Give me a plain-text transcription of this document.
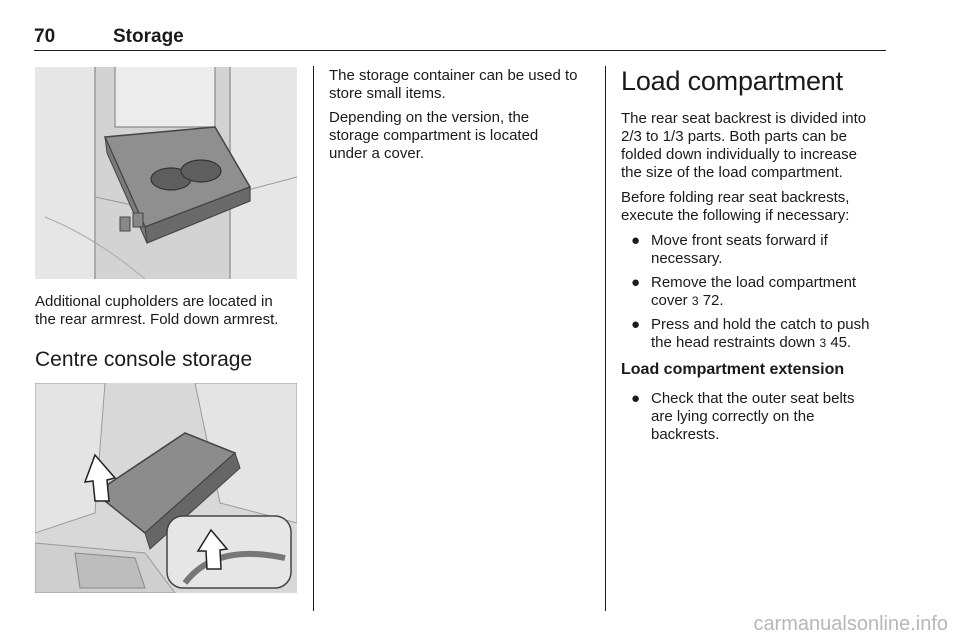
70	Storage

Additional cupholders are located in
the rear armrest. Fold down armrest.

Centre console storage

The storage container can be used to
store small items.

Depending on the version, the
storage compartment is located
under a cover.

Load compartment

The rear seat backrest is divided into
2/3 to 1/3 parts. Both parts can be
folded down individually to increase
the size of the load compartment.

Before folding rear seat backrests,
execute the following if necessary:

● Move front seats forward if
necessary.
● Remove the load compartment
cover 3 72.
● Press and hold the catch to push
the head restraints down 3 45.
Load compartment extension
● Check that the outer seat belts
are lying correctly on the
backrests.
carmanualsonline.info
